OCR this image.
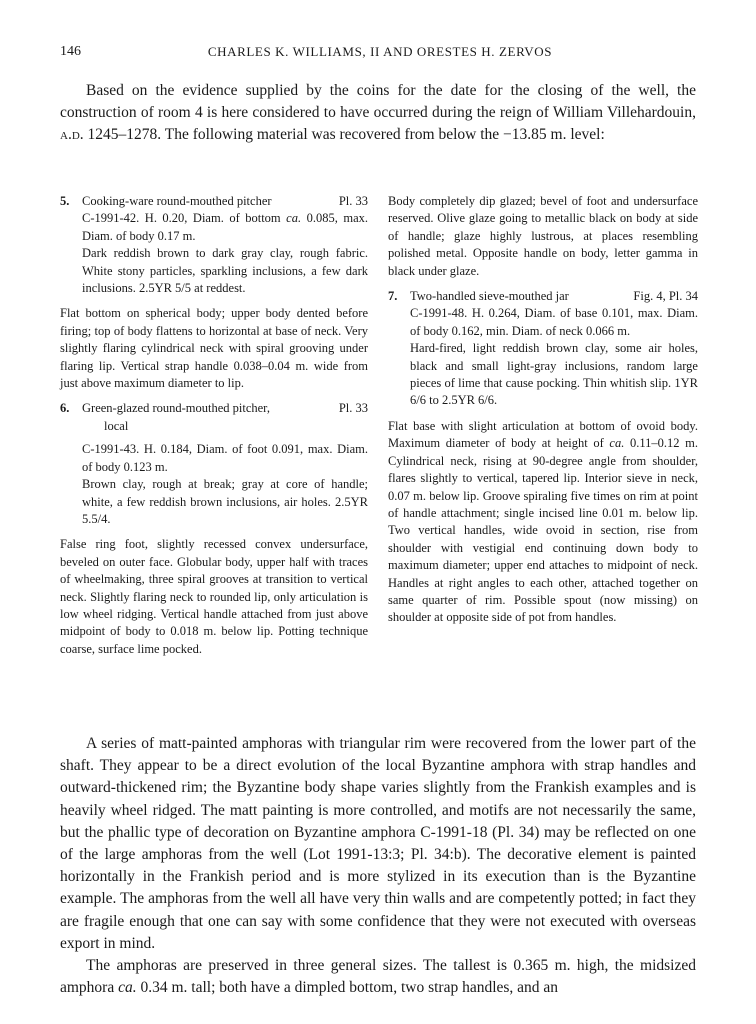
146	CHARLES K. WILLIAMS, II AND ORESTES H. ZERVOS

Based on the evidence supplied by the coins for the date for the closing of the well, the construction of room 4 is here considered to have occurred during the reign of William Villehardouin, a.d. 1245–1278. The following material was recovered from below the −13.85 m. level:

5.	Cooking-ware round-mouthed pitcher	Pl. 33

C-1991-42. H. 0.20, Diam. of bottom ca. 0.085, max. Diam. of body 0.17 m.

Dark reddish brown to dark gray clay, rough fabric. White stony particles, sparkling inclusions, a few dark inclusions. 2.5YR 5/5 at reddest.

Flat bottom on spherical body; upper body dented before firing; top of body flattens to horizontal at base of neck. Very slightly flaring cylindrical neck with spiral grooving under flaring lip. Vertical strap handle 0.038–0.04 m. wide from just above maximum diameter to lip.

6.	Green-glazed round-mouthed pitcher,	Pl. 33

local

C-1991-43. H. 0.184, Diam. of foot 0.091, max. Diam. of body 0.123 m.

Brown clay, rough at break; gray at core of handle; white, a few reddish brown inclusions, air holes. 2.5YR 5.5/4.

False ring foot, slightly recessed convex undersurface, beveled on outer face. Globular body, upper half with traces of wheelmaking, three spiral grooves at transition to vertical neck. Slightly flaring neck to rounded lip, only articulation is low wheel ridging. Vertical handle attached from just above midpoint of body to 0.018 m. below lip. Potting technique coarse, surface lime pocked.

Body completely dip glazed; bevel of foot and undersurface reserved. Olive glaze going to metallic black on body at side of handle; glaze highly lustrous, at places resembling polished metal. Opposite handle on body, letter gamma in black under glaze.

7.	Two-handled sieve-mouthed jar	Fig. 4, Pl. 34

C-1991-48. H. 0.264, Diam. of base 0.101, max. Diam. of body 0.162, min. Diam. of neck 0.066 m.

Hard-fired, light reddish brown clay, some air holes, black and small light-gray inclusions, random large pieces of lime that cause pocking. Thin whitish slip. 1YR 6/6 to 2.5YR 6/6.

Flat base with slight articulation at bottom of ovoid body. Maximum diameter of body at height of ca. 0.11–0.12 m. Cylindrical neck, rising at 90-degree angle from shoulder, flares slightly to vertical, tapered lip. Interior sieve in neck, 0.07 m. below lip. Groove spiraling five times on rim at point of handle attachment; single incised line 0.01 m. below lip. Two vertical handles, wide ovoid in section, rise from shoulder with vestigial end continuing down body to maximum diameter; upper end attaches to midpoint of neck. Handles at right angles to each other, attached together on same quarter of rim. Possible spout (now missing) on shoulder at opposite side of pot from handles.

A series of matt-painted amphoras with triangular rim were recovered from the lower part of the shaft. They appear to be a direct evolution of the local Byzantine amphora with strap handles and outward-thickened rim; the Byzantine body shape varies slightly from the Frankish examples and is heavily wheel ridged. The matt painting is more controlled, and motifs are not necessarily the same, but the phallic type of decoration on Byzantine amphora C-1991-18 (Pl. 34) may be reflected on one of the large amphoras from the well (Lot 1991-13:3; Pl. 34:b). The decorative element is painted horizontally in the Frankish period and is more stylized in its execution than is the Byzantine example. The amphoras from the well all have very thin walls and are competently potted; in fact they are fragile enough that one can say with some confidence that they were not executed with overseas export in mind.

The amphoras are preserved in three general sizes. The tallest is 0.365 m. high, the midsized amphora ca. 0.34 m. tall; both have a dimpled bottom, two strap handles, and an
